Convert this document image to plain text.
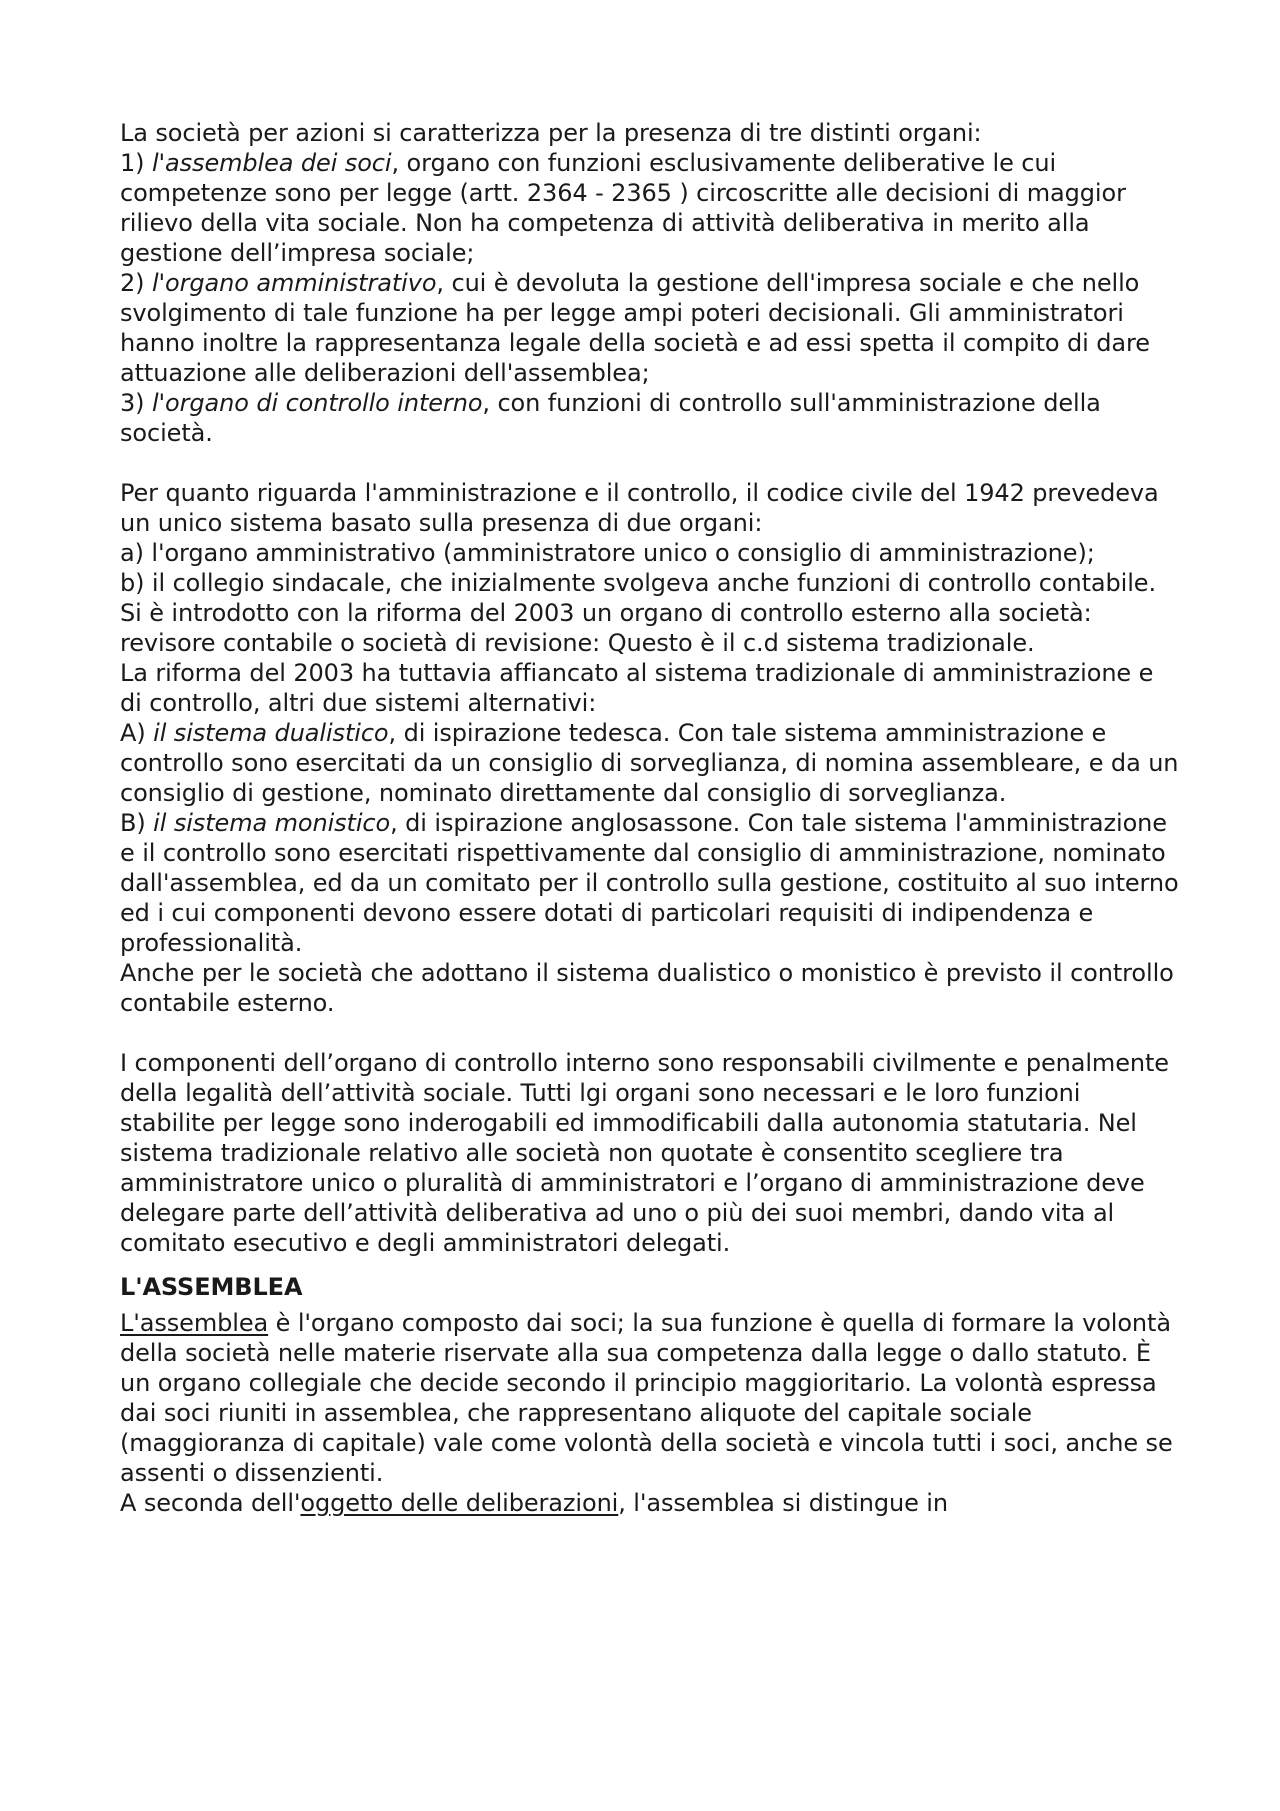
La società per azioni si caratterizza per la presenza di tre distinti organi:

1) l'assemblea dei soci, organo con funzioni esclusivamente deliberative le cui competenze sono per legge (artt. 2364 - 2365 ) circoscritte alle decisioni di maggior rilievo della vita sociale. Non ha competenza di attività deliberativa in merito alla gestione dell’impresa sociale;

2) l'organo amministrativo, cui è devoluta la gestione dell'impresa sociale e che nello svolgimento di tale funzione ha per legge ampi poteri decisionali. Gli amministratori hanno inoltre la rappresentanza legale della società e ad essi spetta il compito di dare attuazione alle deliberazioni dell'assemblea;

3) l'organo di controllo interno, con funzioni di controllo sull'amministrazione della società.

Per quanto riguarda l'amministrazione e il controllo, il codice civile del 1942 prevedeva un unico sistema basato sulla presenza di due organi:

a) l'organo amministrativo (amministratore unico o consiglio di amministrazione);

b) il collegio sindacale, che inizialmente svolgeva anche funzioni di controllo contabile. Si è introdotto con la riforma del 2003 un organo di controllo esterno alla società: revisore contabile o società di revisione: Questo è il c.d sistema tradizionale.

La riforma del 2003 ha tuttavia affiancato al sistema tradizionale di amministrazione e di controllo, altri due sistemi alternativi:

A) il sistema dualistico, di ispirazione tedesca. Con tale sistema amministrazione e controllo sono esercitati da un consiglio di sorveglianza, di nomina assembleare, e da un consiglio di gestione, nominato direttamente dal consiglio di sorveglianza.

B) il sistema monistico, di ispirazione anglosassone. Con tale sistema l'amministrazione e il controllo sono esercitati rispettivamente dal consiglio di amministrazione, nominato dall'assemblea, ed da un comitato per il controllo sulla gestione, costituito al suo interno ed i cui componenti devono essere dotati di particolari requisiti di indipendenza e professionalità.

Anche per le società che adottano il sistema dualistico o monistico è previsto il controllo contabile esterno.

I componenti dell’organo di controllo interno sono responsabili civilmente e penalmente della legalità dell’attività sociale. Tutti lgi organi sono necessari e le loro funzioni stabilite per legge sono inderogabili ed immodificabili dalla autonomia statutaria. Nel sistema tradizionale relativo alle società non quotate è consentito scegliere tra amministratore unico o pluralità di amministratori e l’organo di amministrazione deve delegare parte dell’attività deliberativa ad uno o più dei suoi membri, dando vita al comitato esecutivo e degli amministratori delegati.

L'ASSEMBLEA

L'assemblea è l'organo composto dai soci; la sua funzione è quella di formare la volontà della società nelle materie riservate alla sua competenza dalla legge o dallo statuto. È un organo collegiale che decide secondo il principio maggioritario. La volontà espressa dai soci riuniti in assemblea, che rappresentano aliquote del capitale sociale (maggioranza di capitale) vale come volontà della società e vincola tutti i soci, anche se assenti o dissenzienti.

A seconda dell'oggetto delle deliberazioni, l'assemblea si distingue in
